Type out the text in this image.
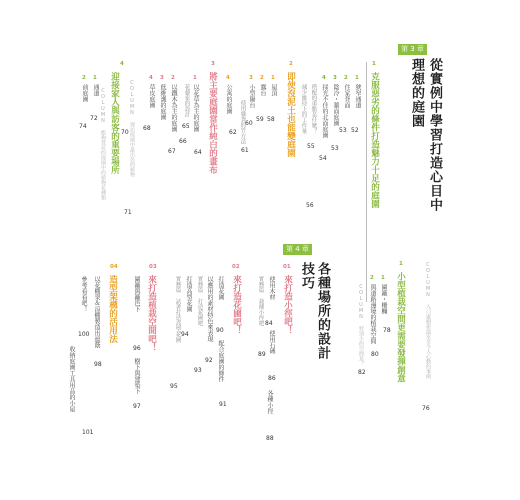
第 3 章
從實例中學習打造心目中
理想的庭園
1
克服惡劣的條件打造魅力十足的庭園
1
狹窄通道
52
2
住家背面
53
3
陰冷・牆面庭園
53
4
採光不佳的北面庭園
54
搭配的重點是什麼？
55
減少維持上的工作量
56
2
即使沒泥土也能變庭園
1
屋頂
58
2
露台
59
3
小型陽台
60
使用雜貨的竹方法
61
4
公寓的庭園
62
3
將主要庭園當作純白的畫布
1
以花草為主的庭園
64
花藝家的設計
65
2
以鐵木為主的庭園
66
3
低維護的庭園
67
4
草皮庭園
68
COLUMN 探訪庭園中最出色的植物
70
4
迎接家人與訪客的重要場所
1
通道
72
2
前庭園
74	COLUMN 能夠賞玩的庭園中的植物花種類
71
第 4 章
各種場所的設計
技巧	COLUMN 入口處樹新溫室至今人心動的事例
76
1
小型植栽空間更需要發揮創意
1
圍籬・柵欄
78
2
與道路邊境的植栽空間
80
COLUMN 特別小的空間是？
82
01
來打造小徑吧！
使用木材
84
使用石磚
86
實務篇 栽種小徑吧
89
各種小徑
88
02
來打造花圃吧！
打造花圃
90
配合庭園的條件
91
以應用的素材特色來表現
92
實務篇 打造花圃吧
93
打造高型花圃
94
實務篇 試著打造高型花圃
95
03
來打造植栽空間吧！
圍籬與籬笆下
96
樹下與建築下
97
04
造型架構的活用法
以花棚架＆涼棚製造出遮蔭
98
參考看看吧！
100
收納庭園工具用品的小屋
101
